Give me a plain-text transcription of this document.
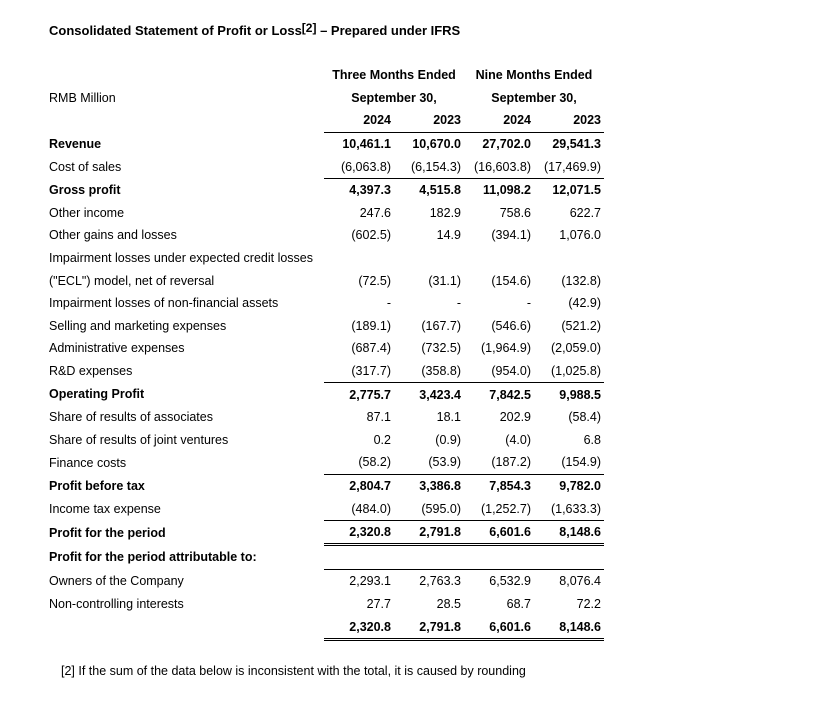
Consolidated Statement of Profit or Loss[2] – Prepared under IFRS
	Three Months Ended		Nine Months Ended	
RMB Million	September 30,		September 30,	
	2024	2023	2024	2023
Revenue	10,461.1	10,670.0	27,702.0	29,541.3
Cost of sales	(6,063.8)	(6,154.3)	(16,603.8)	(17,469.9)
Gross profit	4,397.3	4,515.8	11,098.2	12,071.5
Other income	247.6	182.9	758.6	622.7
Other gains and losses	(602.5)	14.9	(394.1)	1,076.0
Impairment losses under expected credit losses				
("ECL") model, net of reversal	(72.5)	(31.1)	(154.6)	(132.8)
Impairment losses of non-financial assets	-	-	-	(42.9)
Selling and marketing expenses	(189.1)	(167.7)	(546.6)	(521.2)
Administrative expenses	(687.4)	(732.5)	(1,964.9)	(2,059.0)
R&D expenses	(317.7)	(358.8)	(954.0)	(1,025.8)
Operating Profit	2,775.7	3,423.4	7,842.5	9,988.5
Share of results of associates	87.1	18.1	202.9	(58.4)
Share of results of joint ventures	0.2	(0.9)	(4.0)	6.8
Finance costs	(58.2)	(53.9)	(187.2)	(154.9)
Profit before tax	2,804.7	3,386.8	7,854.3	9,782.0
Income tax expense	(484.0)	(595.0)	(1,252.7)	(1,633.3)
Profit for the period	2,320.8	2,791.8	6,601.6	8,148.6
Profit for the period attributable to:				
Owners of the Company	2,293.1	2,763.3	6,532.9	8,076.4
Non-controlling interests	27.7	28.5	68.7	72.2
	2,320.8	2,791.8	6,601.6	8,148.6
[2] If the sum of the data below is inconsistent with the total, it is caused by rounding
